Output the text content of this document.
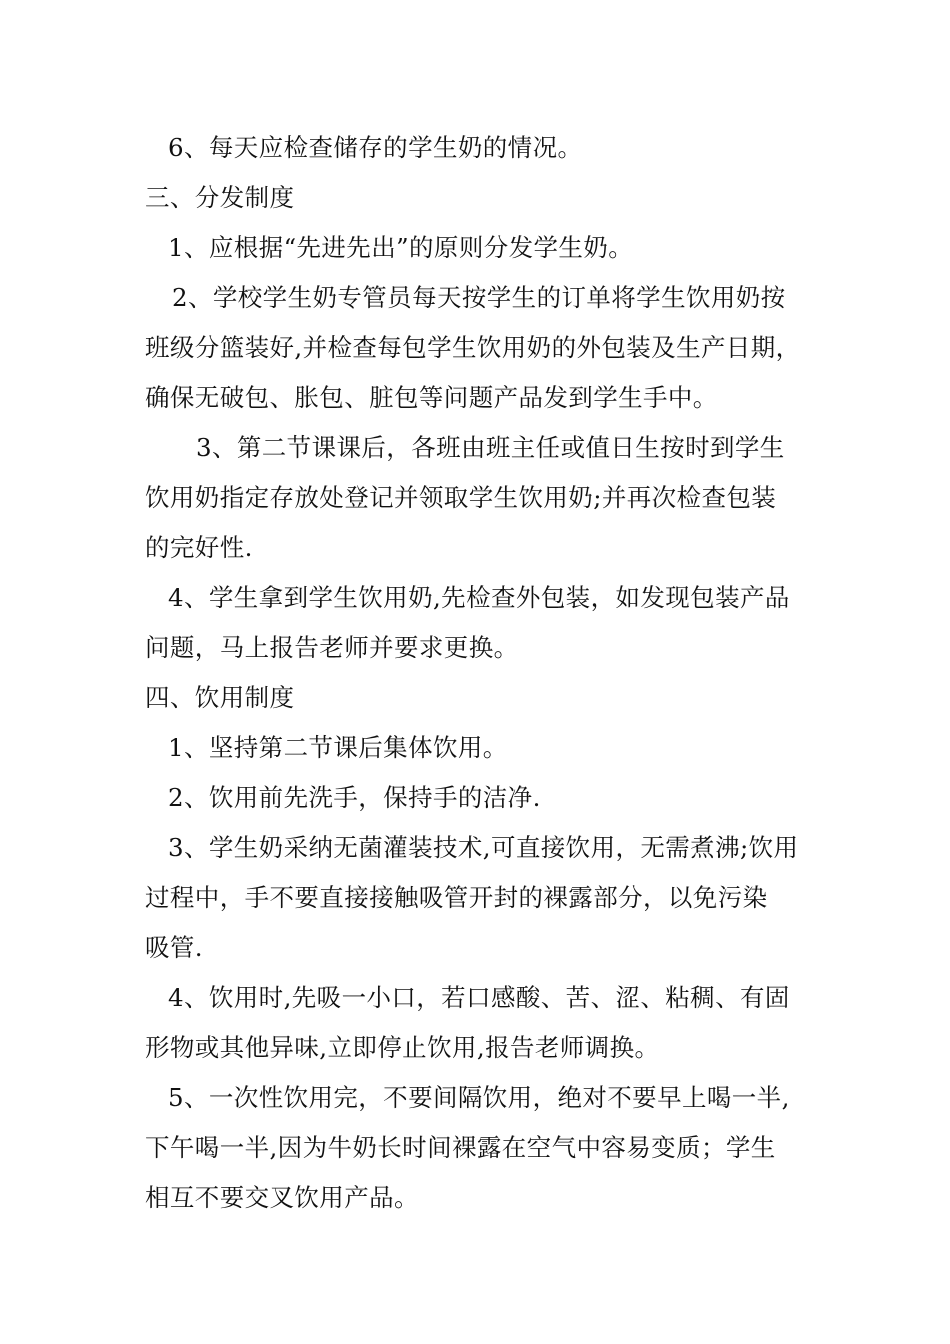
6、每天应检查储存的学生奶的情况。
三、分发制度
1、应根据“先进先出”的原则分发学生奶。
2、学校学生奶专管员每天按学生的订单将学生饮用奶按
班级分篮装好,并检查每包学生饮用奶的外包装及生产日期，
确保无破包、胀包、脏包等问题产品发到学生手中。
3、第二节课课后，各班由班主任或值日生按时到学生
饮用奶指定存放处登记并领取学生饮用奶;并再次检查包装
的完好性.
4、学生拿到学生饮用奶,先检查外包装，如发现包装产品
问题，马上报告老师并要求更换。
四、饮用制度
1、坚持第二节课后集体饮用。
2、饮用前先洗手，保持手的洁净.
3、学生奶采纳无菌灌装技术,可直接饮用，无需煮沸;饮用
过程中，手不要直接接触吸管开封的裸露部分，以免污染
吸管.
4、饮用时,先吸一小口，若口感酸、苦、涩、粘稠、有固
形物或其他异味,立即停止饮用,报告老师调换。
5、一次性饮用完，不要间隔饮用，绝对不要早上喝一半,
下午喝一半,因为牛奶长时间裸露在空气中容易变质；学生
相互不要交叉饮用产品。
